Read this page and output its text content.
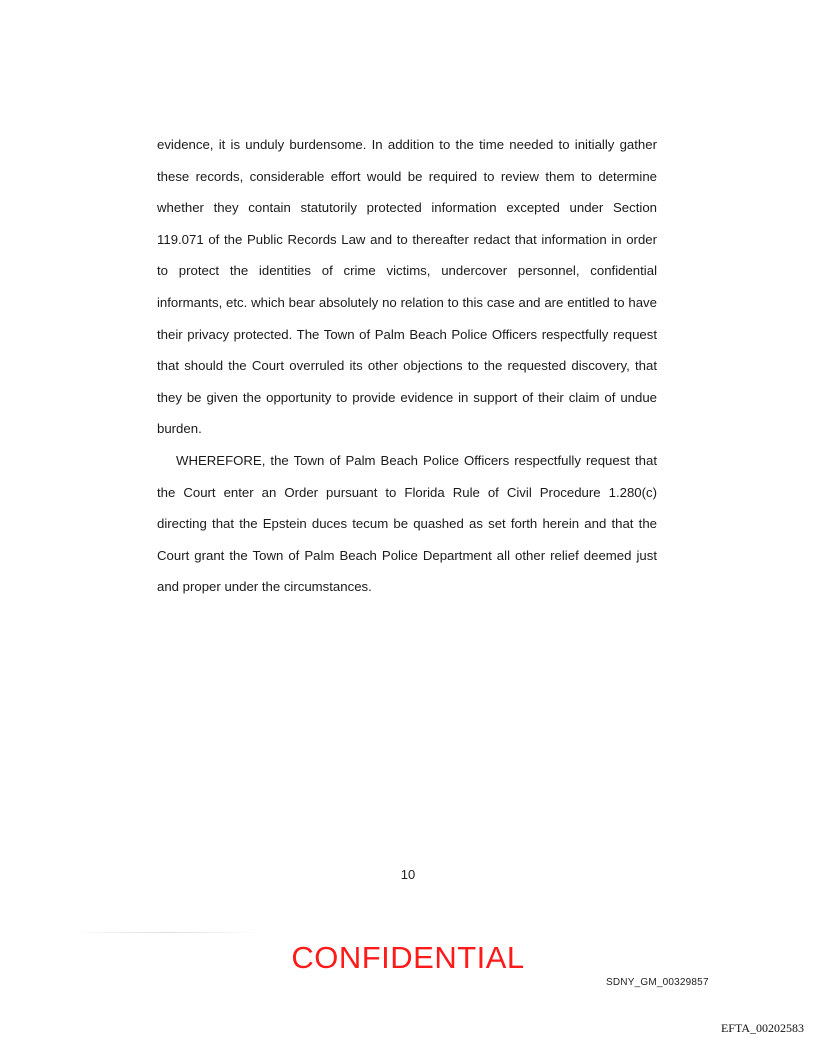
evidence, it is unduly burdensome. In addition to the time needed to initially gather these records, considerable effort would be required to review them to determine whether they contain statutorily protected information excepted under Section 119.071 of the Public Records Law and to thereafter redact that information in order to protect the identities of crime victims, undercover personnel, confidential informants, etc. which bear absolutely no relation to this case and are entitled to have their privacy protected. The Town of Palm Beach Police Officers respectfully request that should the Court overruled its other objections to the requested discovery, that they be given the opportunity to provide evidence in support of their claim of undue burden.

WHEREFORE, the Town of Palm Beach Police Officers respectfully request that the Court enter an Order pursuant to Florida Rule of Civil Procedure 1.280(c) directing that the Epstein duces tecum be quashed as set forth herein and that the Court grant the Town of Palm Beach Police Department all other relief deemed just and proper under the circumstances.

10
CONFIDENTIAL
SDNY_GM_00329857
EFTA_00202583
